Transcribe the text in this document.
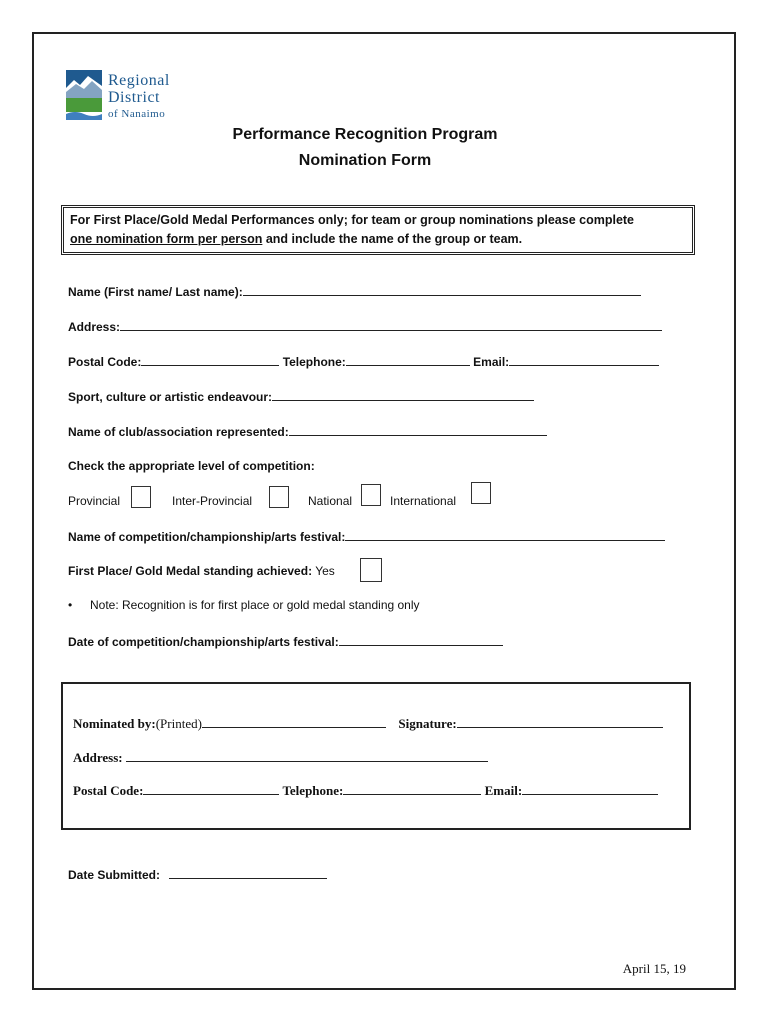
Regional
District
of Nanaimo
Performance Recognition Program
Nomination Form
For First Place/Gold Medal Performances only; for team or group nominations please complete
one nomination form per person and include the name of the group or team.
Name (First name/ Last name):
Address:
Postal Code:	Telephone:	Email:
Sport, culture or artistic endeavour:
Name of club/association represented:
Check the appropriate level of competition:
Provincial	Inter-Provincial	National	International
Name of competition/championship/arts festival:
First Place/ Gold Medal standing achieved: Yes
• Note: Recognition is for first place or gold medal standing only
Date of competition/championship/arts festival:
Nominated by:(Printed)	Signature:
Address:
Postal Code:	Telephone:	Email:
Date Submitted:
April 15, 19
